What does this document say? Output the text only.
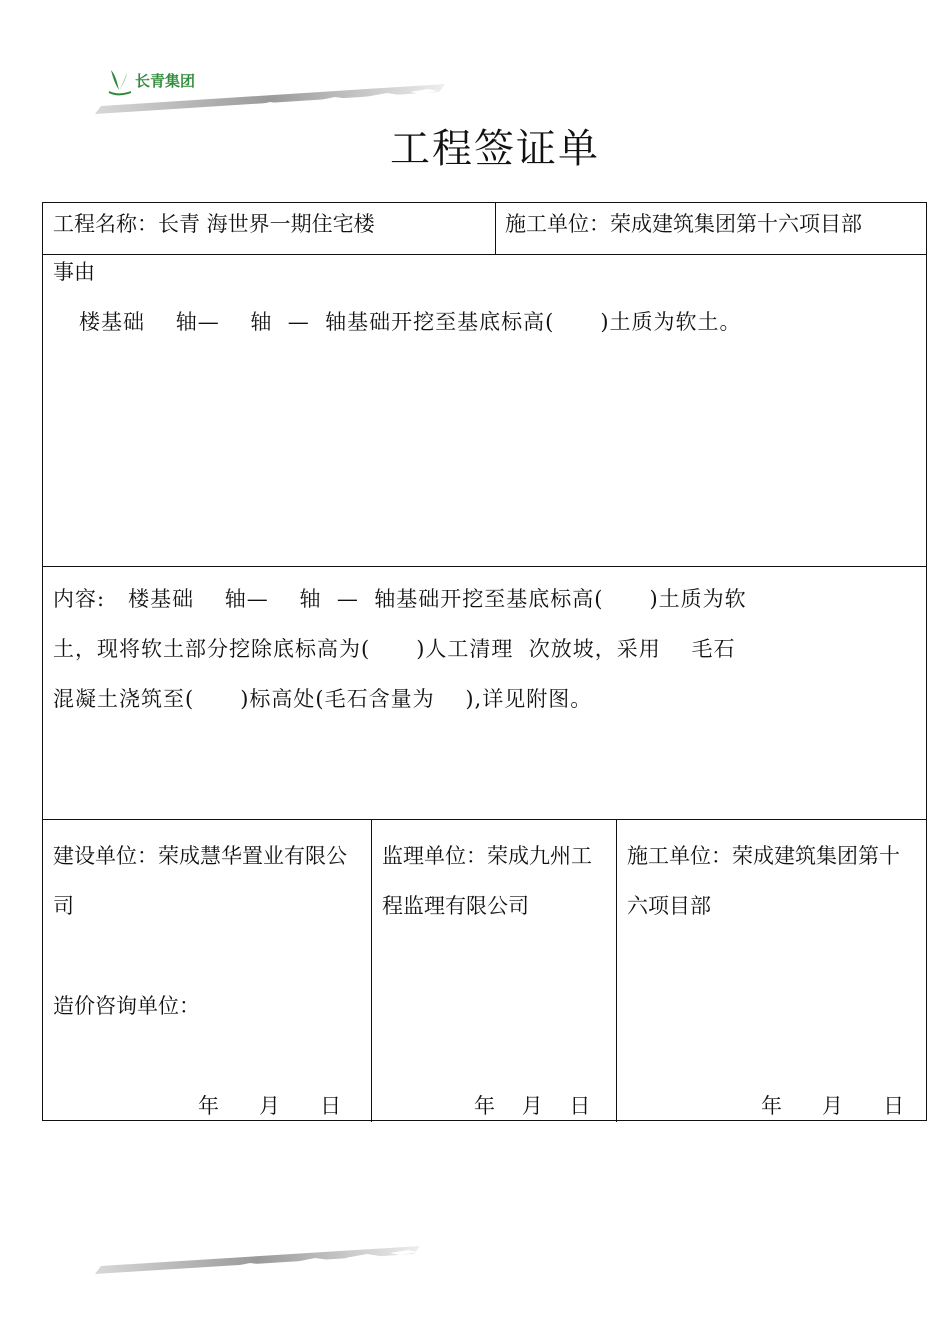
长青集团
工程签证单
工程名称：长青 海世界一期住宅楼	施工单位：荣成建筑集团第十六项目部
事由
楼基础    轴—    轴  —  轴基础开挖至基底标高(      )土质为软土。
内容:   楼基础    轴—    轴  —  轴基础开挖至基底标高(      )土质为软
土，现将软土部分挖除底标高为(      )人工清理  次放坡，采用    毛石
混凝土浇筑至(      )标高处(毛石含量为    ),详见附图。
建设单位：荣成慧华置业有限公
司
造价咨询单位：
年      月      日
监理单位：荣成九州工
程监理有限公司
年    月    日
施工单位：荣成建筑集团第十
六项目部
年      月      日
